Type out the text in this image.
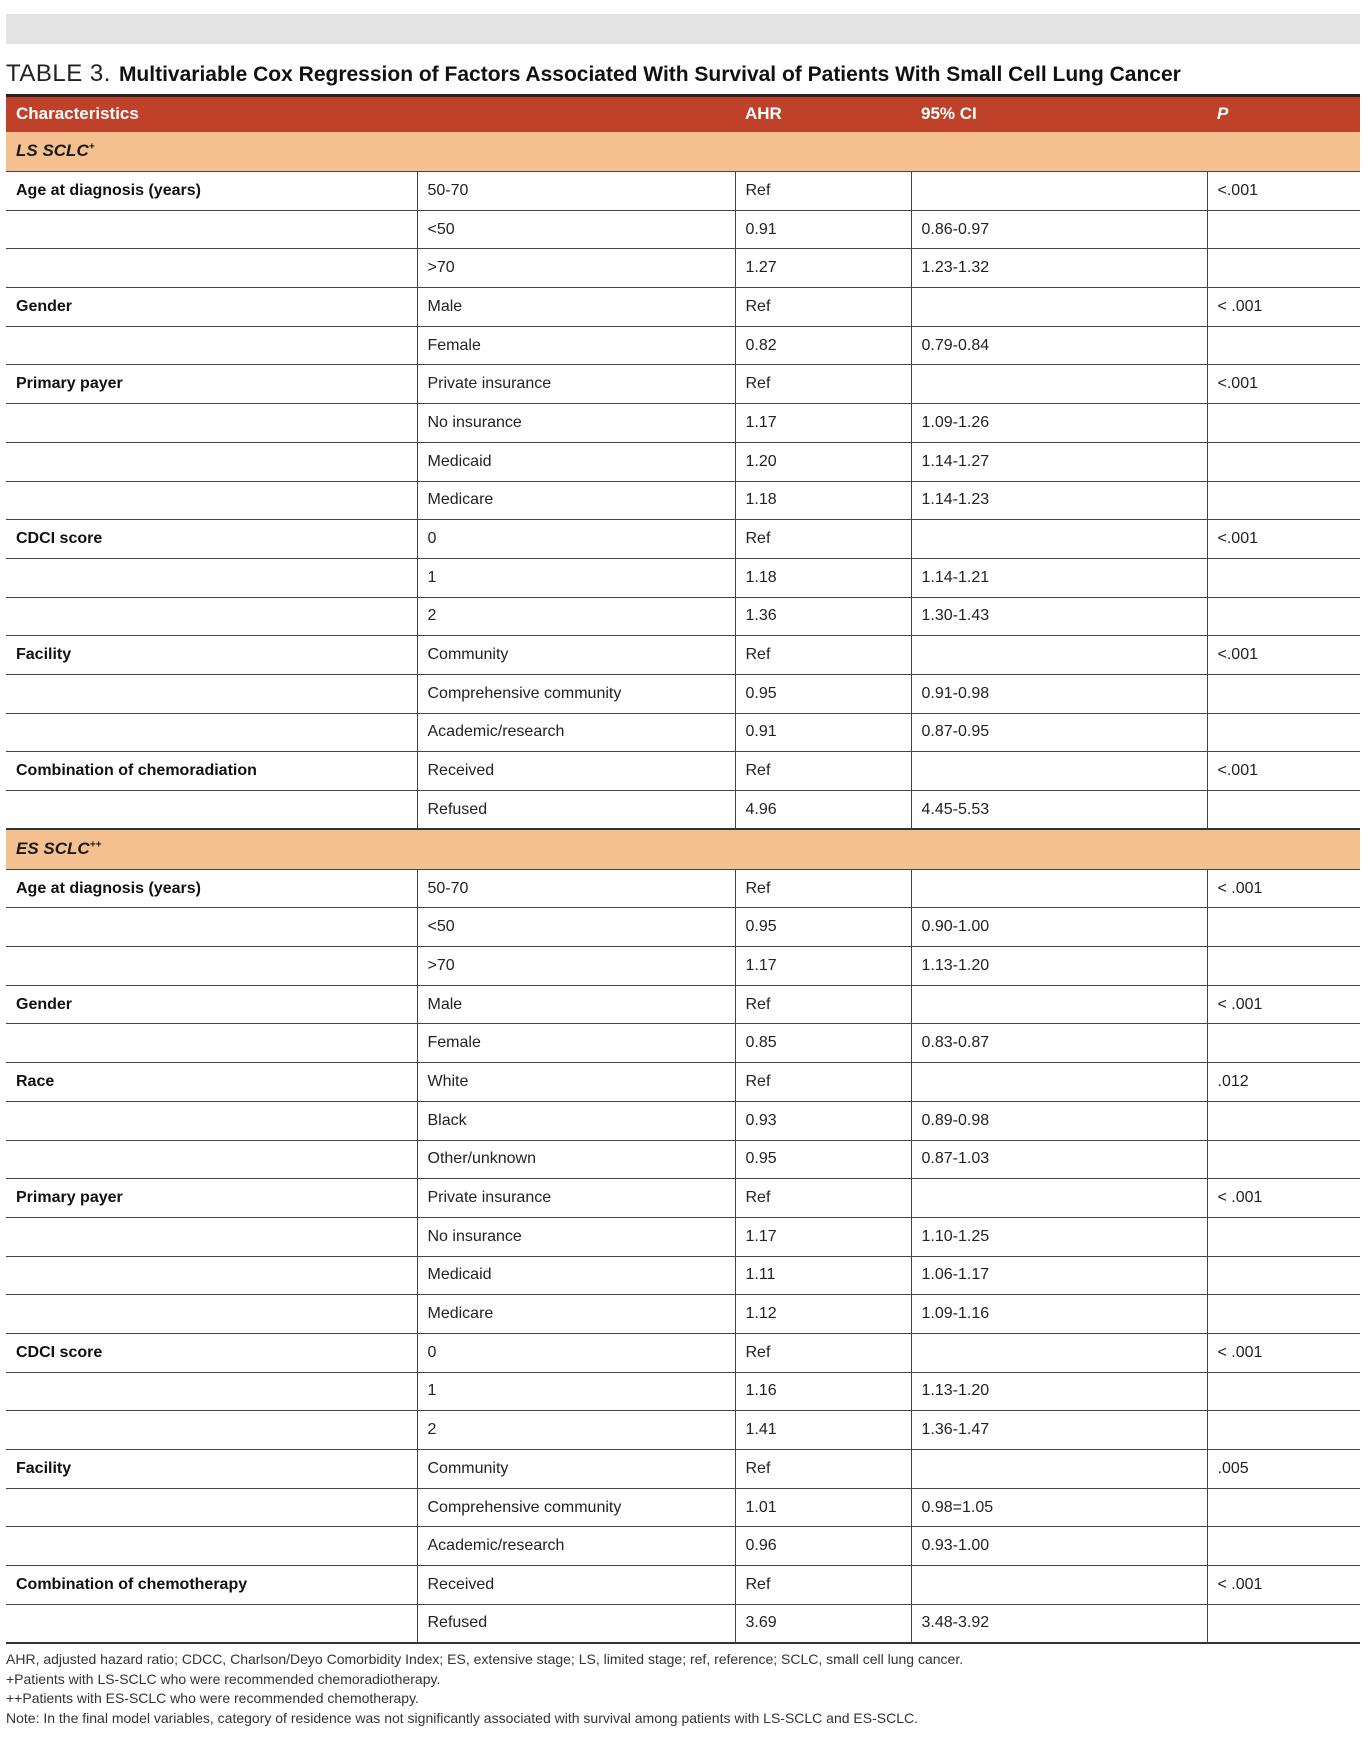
TABLE 3. Multivariable Cox Regression of Factors Associated With Survival of Patients With Small Cell Lung Cancer
Characteristics		AHR	95% CI	P
LS SCLC+
Age at diagnosis (years)	50-70	Ref		<.001
	<50	0.91	0.86-0.97	
	>70	1.27	1.23-1.32	
Gender	Male	Ref		< .001
	Female	0.82	0.79-0.84	
Primary payer	Private insurance	Ref		<.001
	No insurance	1.17	1.09-1.26	
	Medicaid	1.20	1.14-1.27	
	Medicare	1.18	1.14-1.23	
CDCI score	0	Ref		<.001
	1	1.18	1.14-1.21	
	2	1.36	1.30-1.43	
Facility	Community	Ref		<.001
	Comprehensive community	0.95	0.91-0.98	
	Academic/research	0.91	0.87-0.95	
Combination of chemoradiation	Received	Ref		<.001
	Refused	4.96	4.45-5.53	
ES SCLC++
Age at diagnosis (years)	50-70	Ref		< .001
	<50	0.95	0.90-1.00	
	>70	1.17	1.13-1.20	
Gender	Male	Ref		< .001
	Female	0.85	0.83-0.87	
Race	White	Ref		.012
	Black	0.93	0.89-0.98	
	Other/unknown	0.95	0.87-1.03	
Primary payer	Private insurance	Ref		< .001
	No insurance	1.17	1.10-1.25	
	Medicaid	1.11	1.06-1.17	
	Medicare	1.12	1.09-1.16	
CDCI score	0	Ref		< .001
	1	1.16	1.13-1.20	
	2	1.41	1.36-1.47	
Facility	Community	Ref		.005
	Comprehensive community	1.01	0.98=1.05	
	Academic/research	0.96	0.93-1.00	
Combination of chemotherapy	Received	Ref		< .001
	Refused	3.69	3.48-3.92	
AHR, adjusted hazard ratio; CDCC, Charlson/Deyo Comorbidity Index; ES, extensive stage; LS, limited stage; ref, reference; SCLC, small cell lung cancer.
+Patients with LS-SCLC who were recommended chemoradiotherapy.
++Patients with ES-SCLC who were recommended chemotherapy.
Note: In the final model variables, category of residence was not significantly associated with survival among patients with LS-SCLC and ES-SCLC.
